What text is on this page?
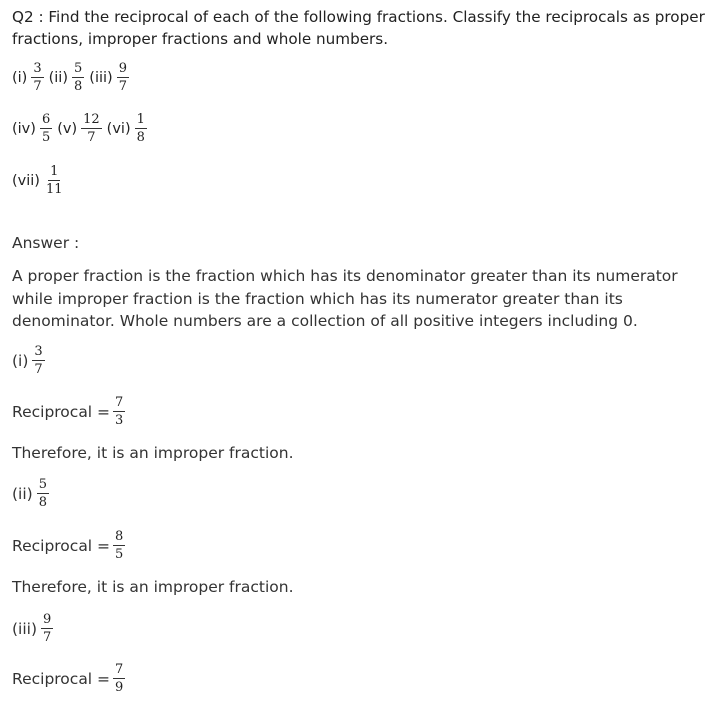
Q2 : Find the reciprocal of each of the following fractions. Classify the reciprocals as proper fractions, improper fractions and whole numbers.
$(i) \frac{3}{7} (ii) \frac{5}{8} (iii) \frac{9}{7}$
$(iv) \frac{6}{5} (v) \frac{12}{7} (vi) \frac{1}{8}$
$(vii) \frac{1}{11}$
Answer :
A proper fraction is the fraction which has its denominator greater than its numerator while improper fraction is the fraction which has its numerator greater than its denominator. Whole numbers are a collection of all positive integers including 0.
$(i) \frac{3}{7}$
Reciprocal = $\frac{7}{3}$
Therefore, it is an improper fraction.
$(ii) \frac{5}{8}$
Reciprocal = $\frac{8}{5}$
Therefore, it is an improper fraction.
$(iii) \frac{9}{7}$
Reciprocal = $\frac{7}{9}$
